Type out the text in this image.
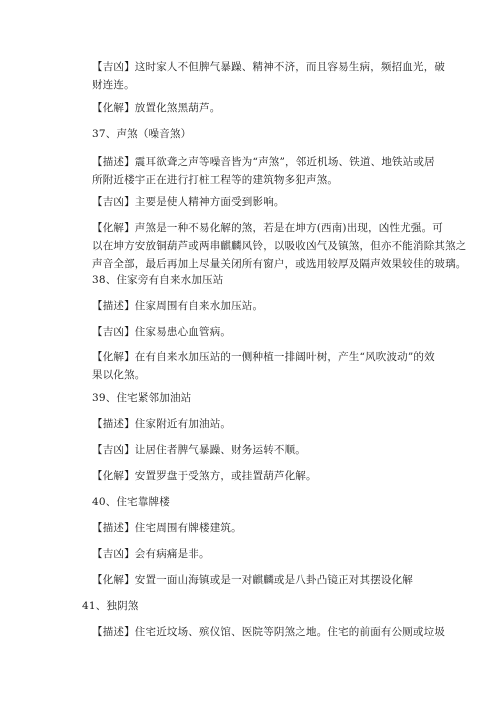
【吉凶】这时家人不但脾气暴躁、精神不济，而且容易生病，频招血光，破
财连连。
【化解】放置化煞黑葫芦。
37、声煞（噪音煞）
【描述】震耳欲聋之声等噪音皆为“声煞”，邻近机场、铁道、地铁站或居
所附近楼宇正在进行打桩工程等的建筑物多犯声煞。
【吉凶】主要是使人精神方面受到影响。
【化解】声煞是一种不易化解的煞，若是在坤方(西南)出现，凶性尤强。可
以在坤方安放铜葫芦或两串麒麟风铃，以吸收凶气及镇煞，但亦不能消除其煞之
声音全部，最后再加上尽量关闭所有窗户，或选用较厚及隔声效果较佳的玻璃。
38、住家旁有自来水加压站
【描述】住家周围有自来水加压站。
【吉凶】住家易患心血管病。
【化解】在有自来水加压站的一侧种植一排阔叶树，产生“风吹波动”的效
果以化煞。
39、住宅紧邻加油站
【描述】住家附近有加油站。
【吉凶】让居住者脾气暴躁、财务运转不顺。
【化解】安置罗盘于受煞方，或挂置葫芦化解。
40、住宅靠牌楼
【描述】住宅周围有牌楼建筑。
【吉凶】会有病痛是非。
【化解】安置一面山海镇或是一对麒麟或是八卦凸镜正对其摆设化解
41、独阴煞
【描述】住宅近坟场、殡仪馆、医院等阴煞之地。住宅的前面有公厕或垃圾
